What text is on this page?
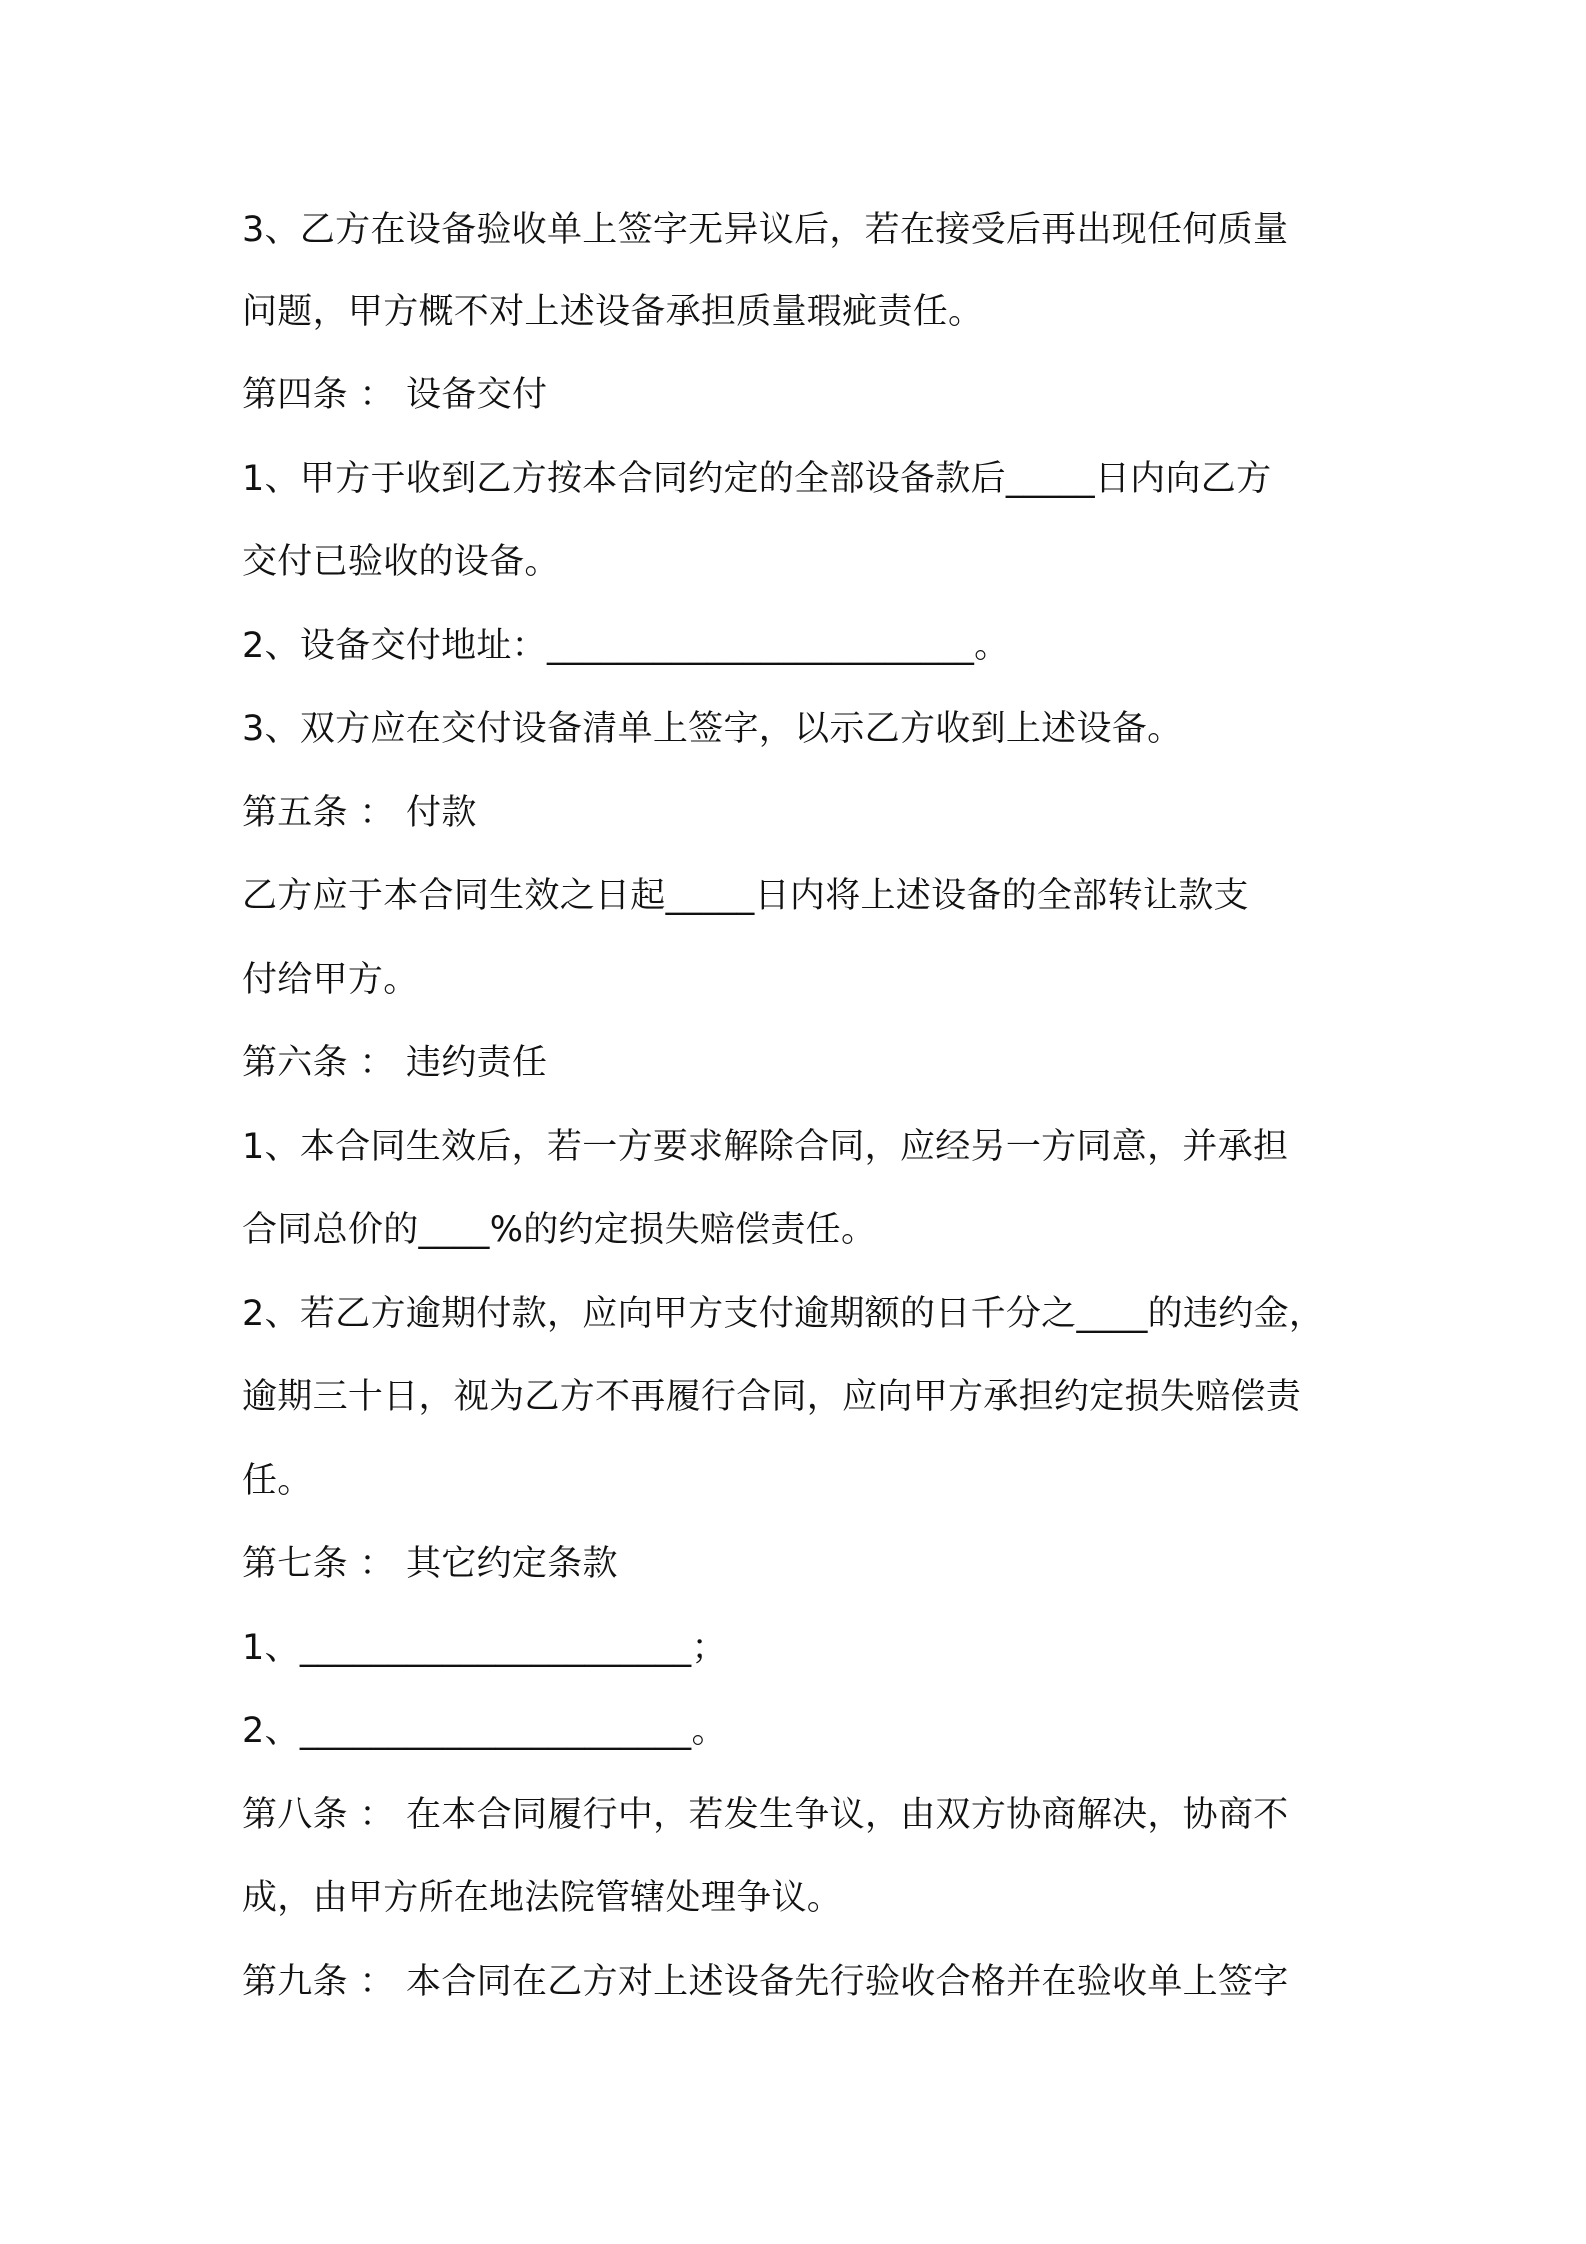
3、乙方在设备验收单上签字无异议后，若在接受后再出现任何质量
问题，甲方概不对上述设备承担质量瑕疵责任。
第四条 ： 设备交付
1、甲方于收到乙方按本合同约定的全部设备款后_____日内向乙方
交付已验收的设备。
2、设备交付地址：________________________。
3、双方应在交付设备清单上签字，以示乙方收到上述设备。
第五条 ： 付款
乙方应于本合同生效之日起_____日内将上述设备的全部转让款支
付给甲方。
第六条 ： 违约责任
1、本合同生效后，若一方要求解除合同，应经另一方同意，并承担
合同总价的____%的约定损失赔偿责任。
2、若乙方逾期付款，应向甲方支付逾期额的日千分之____的违约金，
逾期三十日，视为乙方不再履行合同，应向甲方承担约定损失赔偿责
任。
第七条 ： 其它约定条款
1、______________________；
2、______________________。
第八条 ： 在本合同履行中，若发生争议，由双方协商解决，协商不
成，由甲方所在地法院管辖处理争议。
第九条 ： 本合同在乙方对上述设备先行验收合格并在验收单上签字
